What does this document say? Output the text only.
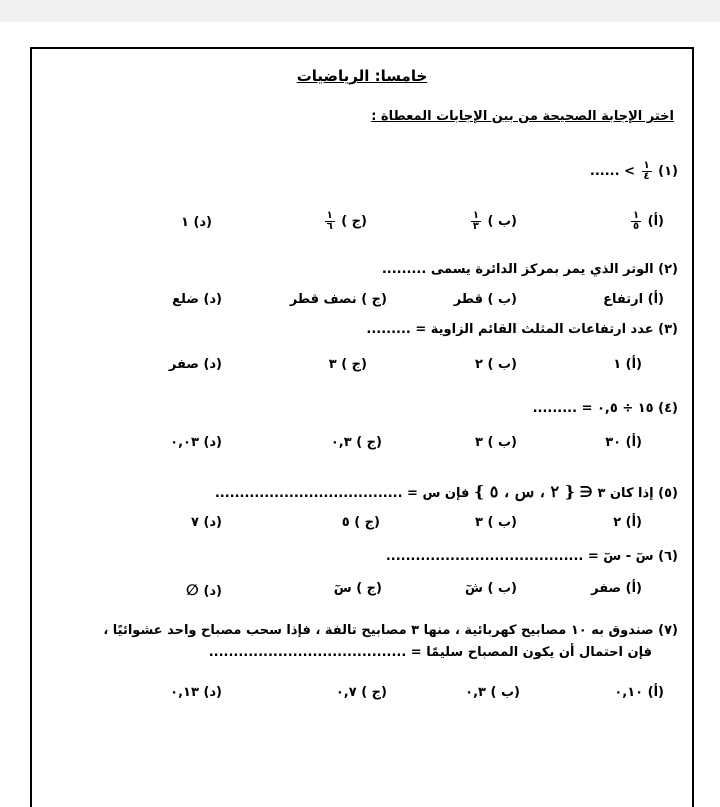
خامسا: الرياضيات
اختر الإجابة الصحيحة من بين الإجابات المعطاة :
(١)
$\frac{١}{٤}$
> ......
(أ)
$\frac{١}{٥}$
(ب )
$\frac{١}{٣}$
(ج )
$\frac{١}{٦}$
(د) ١
(٢) الوتر الذي يمر بمركز الدائرة يسمى .........
(أ) ارتفاع
(ب ) قطر
(ج ) نصف قطر
(د) ضلع
(٣) عدد ارتفاعات المثلث القائم الزاوية = .........
(أ) ١
(ب ) ٢
(ج ) ٣
(د) صفر
(٤) ١٥ ÷ ٠,٥ = .........
(أ) ٣٠
(ب ) ٣
(ج ) ٠,٣
(د) ٠,٠٣
(٥) إذا كان ٣ ∈ { ٢ ، س ، ٥ } فإن س = ......................................
(أ) ٢
(ب ) ٣
(ج ) ٥
(د) ٧
(٦) سٓ - سٓ = ........................................
(أ) صفر
(ب ) شٓ
(ج ) سٓ
(د) ∅
(٧) صندوق به ١٠ مصابيح كهربائية ، منها ٣ مصابيح تالفة ، فإذا سحب مصباح واحد عشوائيًا ،
فإن احتمال أن يكون المصباح سليمًا = ........................................
(أ) ٠,١٠
(ب ) ٠,٣
(ج ) ٠,٧
(د) ٠,١٣
